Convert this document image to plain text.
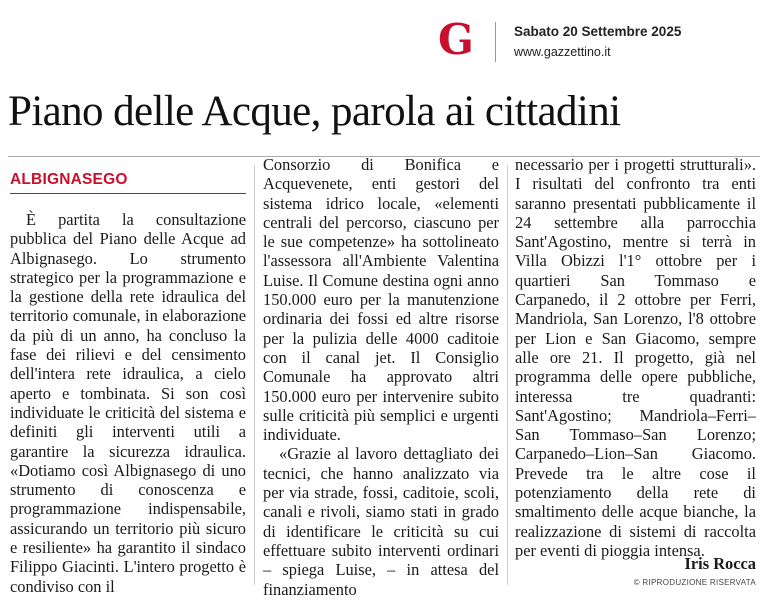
G	Sabato 20 Settembre 2025
www.gazzettino.it
Piano delle Acque, parola ai cittadini
ALBIGNASEGO

È partita la consultazione pubblica del Piano delle Acque ad Albignasego. Lo strumento strategico per la programmazione e la gestione della rete idraulica del territorio comunale, in elaborazione da più di un anno, ha concluso la fase dei rilievi e del censimento dell'intera rete idraulica, a cielo aperto e tombinata. Si son così individuate le criticità del sistema e definiti gli interventi utili a garantire la sicurezza idraulica. «Dotiamo così Albignasego di uno strumento di conoscenza e programmazione indispensabile, assicurando un territorio più sicuro e resiliente» ha garantito il sindaco Filippo Giacinti. L'intero progetto è condiviso con il

Consorzio di Bonifica e Acquevenete, enti gestori del sistema idrico locale, «elementi centrali del percorso, ciascuno per le sue competenze» ha sottolineato l'assessora all'Ambiente Valentina Luise. Il Comune destina ogni anno 150.000 euro per la manutenzione ordinaria dei fossi ed altre risorse per la pulizia delle 4000 caditoie con il canal jet. Il Consiglio Comunale ha approvato altri 150.000 euro per intervenire subito sulle criticità più semplici e urgenti individuate.

«Grazie al lavoro dettagliato dei tecnici, che hanno analizzato via per via strade, fossi, caditoie, scoli, canali e rivoli, siamo stati in grado di identificare le criticità su cui effettuare subito interventi ordinari – spiega Luise, – in attesa del finanziamento

necessario per i progetti strutturali». I risultati del confronto tra enti saranno presentati pubblicamente il 24 settembre alla parrocchia Sant'Agostino, mentre si terrà in Villa Obizzi l'1° ottobre per i quartieri San Tommaso e Carpanedo, il 2 ottobre per Ferri, Mandriola, San Lorenzo, l'8 ottobre per Lion e San Giacomo, sempre alle ore 21. Il progetto, già nel programma delle opere pubbliche, interessa tre quadranti: Sant'Agostino; Mandriola–Ferri–San Tommaso–San Lorenzo; Carpanedo–Lion–San Giacomo. Prevede tra le altre cose il potenziamento della rete di smaltimento delle acque bianche, la realizzazione di sistemi di raccolta per eventi di pioggia intensa.

Iris Rocca
© RIPRODUZIONE RISERVATA
